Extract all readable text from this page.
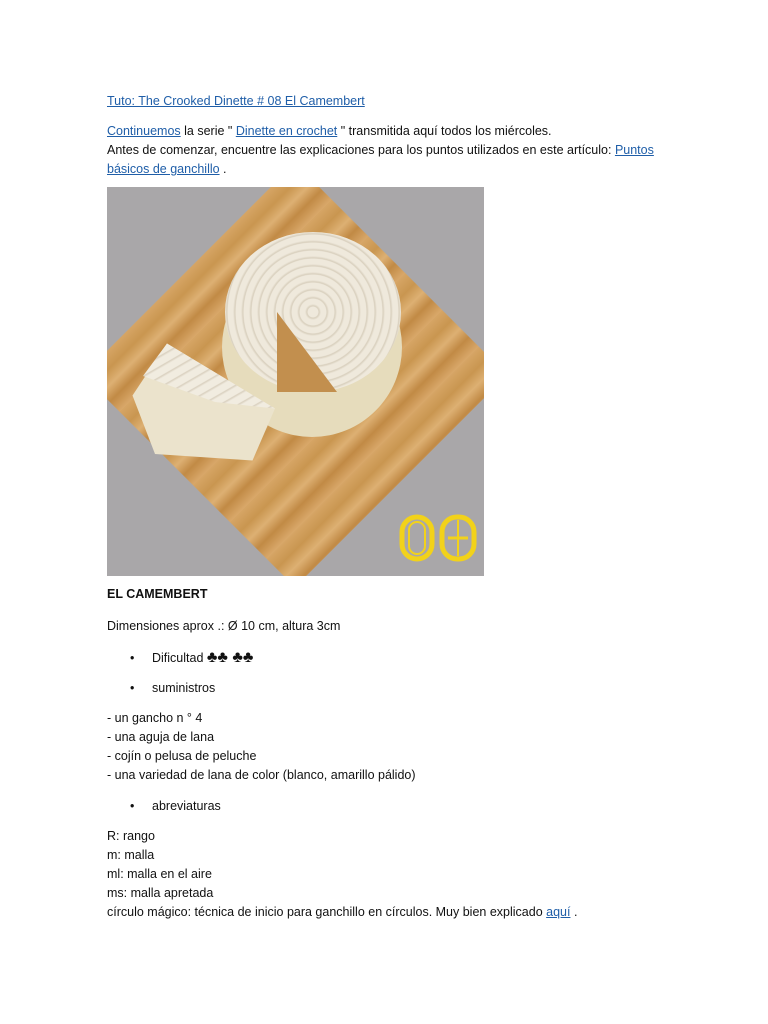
Tuto: The Crooked Dinette # 08 El Camembert
Continuemos la serie " Dinette en crochet " transmitida aquí todos los miércoles.
Antes de comenzar, encuentre las explicaciones para los puntos utilizados en este artículo: Puntos básicos de ganchillo .
EL CAMEMBERT
Dimensiones aprox .: Ø 10 cm, altura 3cm
• Dificultad ♣♣ ♣♣
• suministros
- un gancho n ° 4
- una aguja de lana
- cojín o pelusa de peluche
- una variedad de lana de color (blanco, amarillo pálido)
• abreviaturas
R: rango
m: malla
ml: malla en el aire
ms: malla apretada
círculo mágico: técnica de inicio para ganchillo en círculos. Muy bien explicado aquí .
